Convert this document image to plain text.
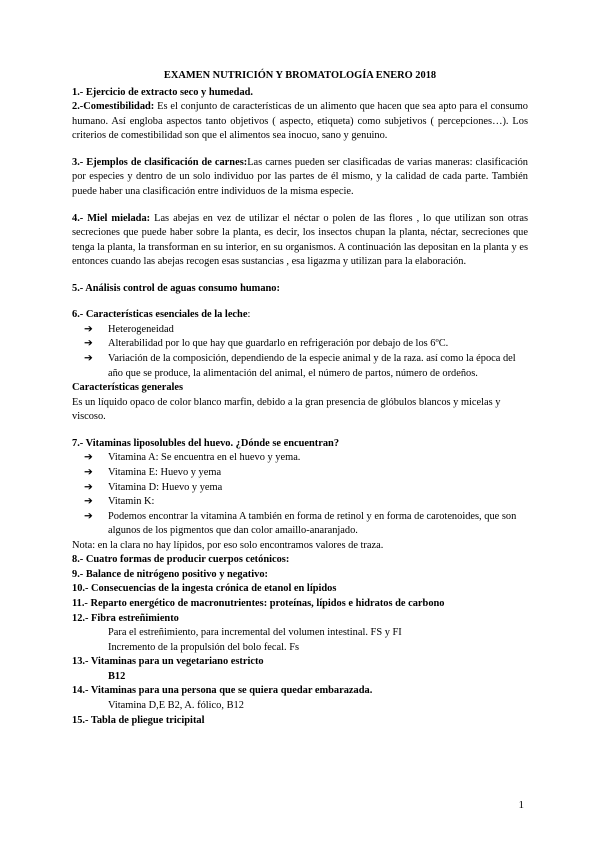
EXAMEN NUTRICIÓN Y BROMATOLOGÍA ENERO 2018

1.- Ejercicio de extracto seco y humedad.

2.-Comestibilidad: Es el conjunto de características de un alimento que hacen que sea apto para el consumo humano. Así engloba aspectos tanto objetivos ( aspecto, etiqueta) como subjetivos ( percepciones…). Los criterios de comestibilidad son que el alimentos sea inocuo, sano y genuino.

3.- Ejemplos de clasificación de carnes:Las carnes pueden ser clasificadas de varias maneras: clasificación por especies y dentro de un solo individuo por las partes de él mismo, y la calidad de cada parte. También puede haber una clasificación entre individuos de la misma especie.

4.- Miel mielada: Las abejas en vez de utilizar el néctar o polen de las flores , lo que utilizan son otras secreciones que puede haber sobre la planta, es decir, los insectos chupan la planta, néctar, secreciones que tenga la planta, la transforman en su interior, en su organismos. A continuación las depositan en la planta y es entonces cuando las abejas recogen esas sustancias , esa ligazma y utilizan para la elaboración.

5.- Análisis control de aguas consumo humano:

6.- Características esenciales de la leche:

➔ Heterogeneidad
➔ Alterabilidad por lo que hay que guardarlo en refrigeración por debajo de los 6ºC.
➔ Variación de la composición, dependiendo de la especie animal y de la raza. así como la época del año que se produce, la alimentación del animal, el número de partos, número de ordeños.

Características generales

Es un líquido opaco de color blanco marfin, debido a la gran presencia de glóbulos blancos y micelas y viscoso.

7.- Vitaminas liposolubles del huevo. ¿Dónde se encuentran?

➔ Vitamina A: Se encuentra en el huevo y yema.
➔ Vitamina E: Huevo y yema
➔ Vitamina D: Huevo y yema
➔ Vitamin K:
➔ Podemos encontrar la vitamina A también en forma de retinol y en forma de carotenoides, que son algunos de los pigmentos que dan color amaillo-anaranjado.

Nota: en la clara no hay lípidos, por eso solo encontramos valores de traza.

8.- Cuatro formas de producir cuerpos cetónicos:

9.- Balance de nitrógeno positivo y negativo:

10.- Consecuencias de la ingesta crónica de etanol en lípidos

11.- Reparto energético de macronutrientes: proteínas, lípidos e hidratos de carbono

12.- Fibra estreñimiento

Para el estreñimiento, para incremental del volumen intestinal. FS y FI

Incremento de la propulsión del bolo fecal. Fs

13.- Vitaminas para un vegetariano estricto

B12

14.- Vitaminas para una persona que se quiera quedar embarazada.

Vitamina D,E B2, A. fólico, B12

15.- Tabla de pliegue tricipital

1
